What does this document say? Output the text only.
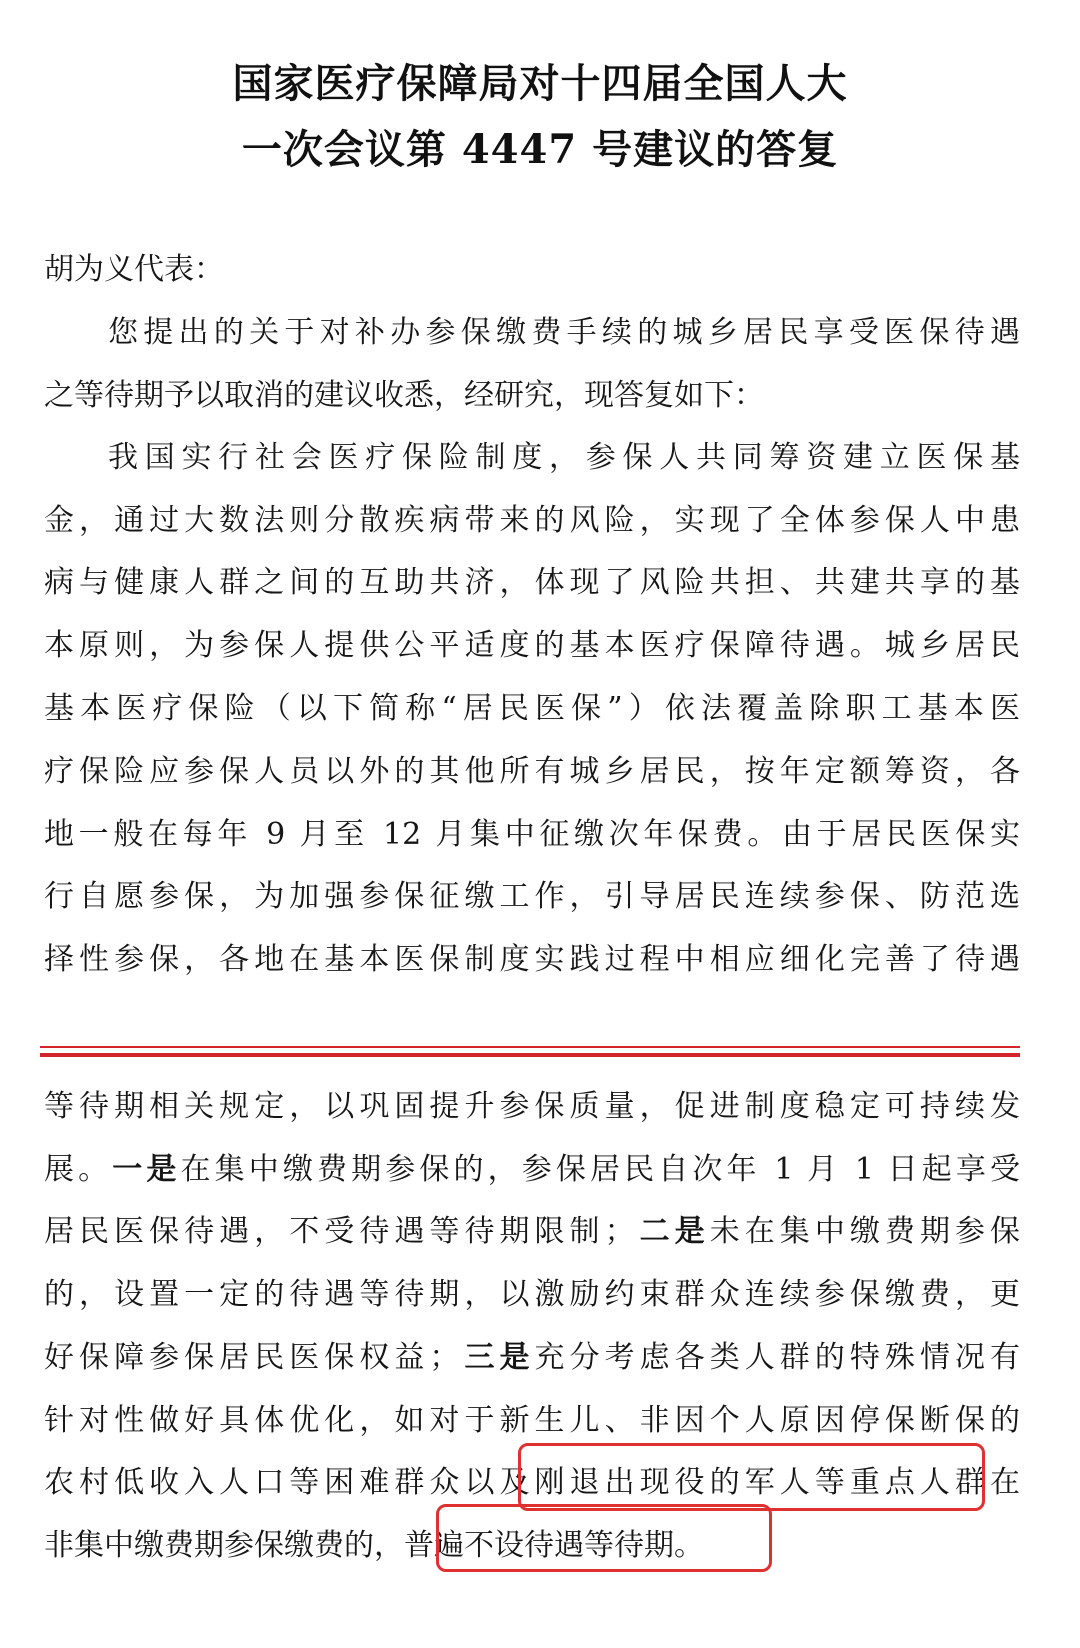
国家医疗保障局对十四届全国人大
一次会议第 4447 号建议的答复
胡为义代表：
您提出的关于对补办参保缴费手续的城乡居民享受医保待遇
之等待期予以取消的建议收悉，经研究，现答复如下：
我国实行社会医疗保险制度，参保人共同筹资建立医保基
金，通过大数法则分散疾病带来的风险，实现了全体参保人中患
病与健康人群之间的互助共济，体现了风险共担、共建共享的基
本原则，为参保人提供公平适度的基本医疗保障待遇。城乡居民
基本医疗保险（以下简称“居民医保”）依法覆盖除职工基本医
疗保险应参保人员以外的其他所有城乡居民，按年定额筹资，各
地一般在每年 9 月至 12 月集中征缴次年保费。由于居民医保实
行自愿参保，为加强参保征缴工作，引导居民连续参保、防范选
择性参保，各地在基本医保制度实践过程中相应细化完善了待遇
等待期相关规定，以巩固提升参保质量，促进制度稳定可持续发
展。一是在集中缴费期参保的，参保居民自次年 1 月 1 日起享受
居民医保待遇，不受待遇等待期限制；二是未在集中缴费期参保
的，设置一定的待遇等待期，以激励约束群众连续参保缴费，更
好保障参保居民医保权益；三是充分考虑各类人群的特殊情况有
针对性做好具体优化，如对于新生儿、非因个人原因停保断保的
农村低收入人口等困难群众以及刚退出现役的军人等重点人群在
非集中缴费期参保缴费的，普遍不设待遇等待期。
